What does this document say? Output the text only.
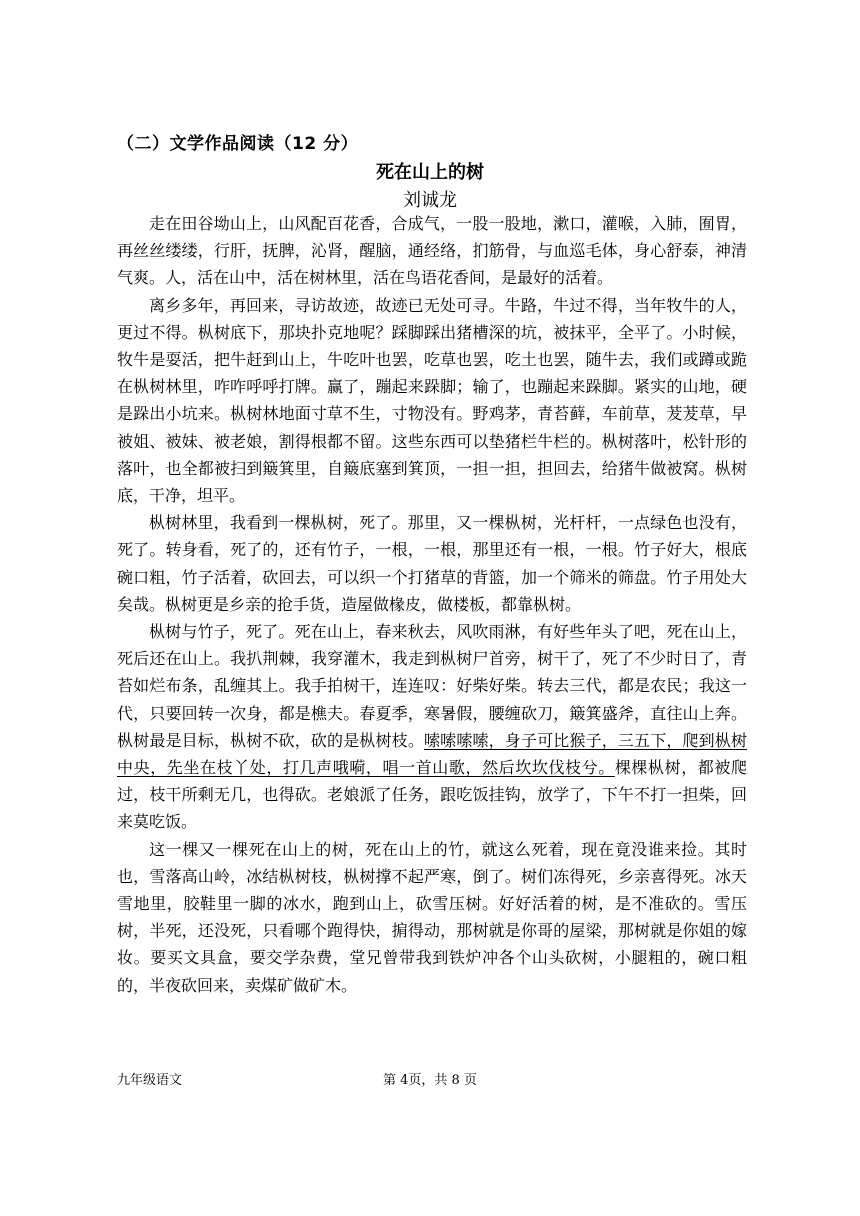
（二）文学作品阅读（12 分）
死在山上的树
刘诚龙

走在田谷坳山上，山风配百花香，合成气，一股一股地，漱口，灌喉，入肺，囿胃，再丝丝缕缕，行肝，抚脾，沁肾，醒脑，通经络，扪筋骨，与血巡毛体，身心舒泰，神清气爽。人，活在山中，活在树林里，活在鸟语花香间，是最好的活着。

离乡多年，再回来，寻访故迹，故迹已无处可寻。牛路，牛过不得，当年牧牛的人，更过不得。枞树底下，那块扑克地呢？踩脚踩出猪槽深的坑，被抹平，全平了。小时候，牧牛是耍活，把牛赶到山上，牛吃叶也罢，吃草也罢，吃土也罢，随牛去，我们或蹲或跪在枞树林里，咋咋呼呼打牌。赢了，蹦起来跺脚；输了，也蹦起来跺脚。紧实的山地，硬是跺出小坑来。枞树林地面寸草不生，寸物没有。野鸡茅，青苔藓，车前草，茇茇草，早被姐、被妹、被老娘，割得根都不留。这些东西可以垫猪栏牛栏的。枞树落叶，松针形的落叶，也全都被扫到簸箕里，自簸底塞到箕顶，一担一担，担回去，给猪牛做被窝。枞树底，干净，坦平。

枞树林里，我看到一棵枞树，死了。那里，又一棵枞树，光杆杆，一点绿色也没有，死了。转身看，死了的，还有竹子，一根，一根，那里还有一根，一根。竹子好大，根底碗口粗，竹子活着，砍回去，可以织一个打猪草的背篮，加一个筛米的筛盘。竹子用处大矣哉。枞树更是乡亲的抢手货，造屋做椽皮，做楼板，都靠枞树。

枞树与竹子，死了。死在山上，春来秋去，风吹雨淋，有好些年头了吧，死在山上，死后还在山上。我扒荆棘，我穿灌木，我走到枞树尸首旁，树干了，死了不少时日了，青苔如烂布条，乱缠其上。我手拍树干，连连叹：好柴好柴。转去三代，都是农民；我这一代，只要回转一次身，都是樵夫。春夏季，寒暑假，腰缠砍刀，簸箕盛斧，直往山上奔。枞树最是目标，枞树不砍，砍的是枞树枝。嗦嗦嗦嗦，身子可比猴子，三五下，爬到枞树中央，先坐在枝丫处，打几声哦嗬，唱一首山歌，然后坎坎伐枝兮。棵棵枞树，都被爬过，枝干所剩无几，也得砍。老娘派了任务，跟吃饭挂钩，放学了，下午不打一担柴，回来莫吃饭。

这一棵又一棵死在山上的树，死在山上的竹，就这么死着，现在竟没谁来捡。其时也，雪落高山岭，冰结枞树枝，枞树撑不起严寒，倒了。树们冻得死，乡亲喜得死。冰天雪地里，胶鞋里一脚的冰水，跑到山上，砍雪压树。好好活着的树，是不准砍的。雪压树，半死，还没死，只看哪个跑得快，掮得动，那树就是你哥的屋梁，那树就是你姐的嫁妆。要买文具盒，要交学杂费，堂兄曾带我到铁炉冲各个山头砍树，小腿粗的，碗口粗的，半夜砍回来，卖煤矿做矿木。

九年级语文	第 4页，共 8 页
